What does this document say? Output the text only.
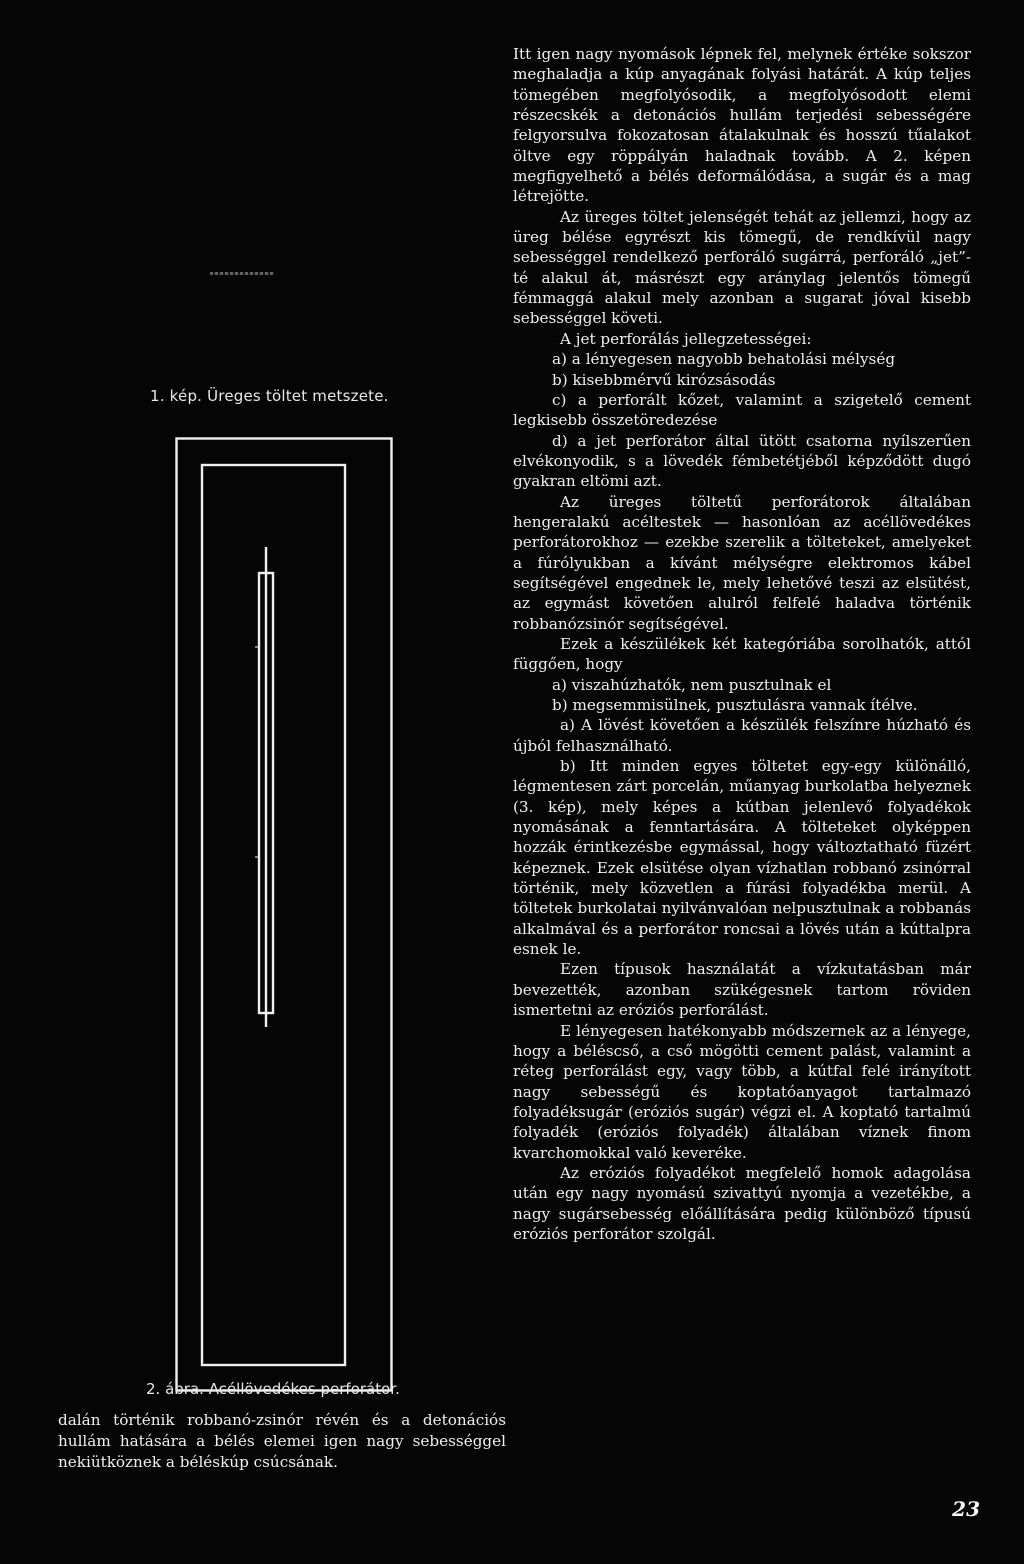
1. kép. Üreges töltet metszete.
2. ábra. Acéllövedékes perforátor.

dalán történik robbanó-zsinór révén és a detonációs hullám hatására a bélés elemei igen nagy sebességgel nekiütköznek a béléskúp csúcsának.

Itt igen nagy nyomások lépnek fel, melynek értéke sokszor meghaladja a kúp anyagának folyási határát. A kúp teljes tömegében megfolyósodik, a megfolyósodott elemi részecskék a detonációs hullám terjedési sebességére felgyorsulva fokozatosan átalakulnak és hosszú tűalakot öltve egy röppályán haladnak tovább. A 2. képen megfigyelhető a bélés deformálódása, a sugár és a mag létrejötte.

Az üreges töltet jelenségét tehát az jellemzi, hogy az üreg bélése egyrészt kis tömegű, de rendkívül nagy sebességgel rendelkező perforáló sugárrá, perforáló „jet”-té alakul át, másrészt egy aránylag jelentős tömegű fémmaggá alakul mely azonban a sugarat jóval kisebb sebességgel követi.

A jet perforálás jellegzetességei:

a) a lényegesen nagyobb behatolási mélység

b) kisebbmérvű kirózsásodás

c) a perforált kőzet, valamint a szigetelő cement legkisebb összetöredezése

d) a jet perforátor által ütött csatorna nyílszerűen elvékonyodik, s a lövedék fémbetétjéből képződött dugó gyakran eltömi azt.

Az üreges töltetű perforátorok általában hengeralakú acéltestek — hasonlóan az acéllövedékes perforátorokhoz — ezekbe szerelik a tölteteket, amelyeket a fúrólyukban a kívánt mélységre elektromos kábel segítségével engednek le, mely lehetővé teszi az elsütést, az egymást követően alulról felfelé haladva történik robbanózsinór segítségével.

Ezek a készülékek két kategóriába sorolhatók, attól függően, hogy

a) viszahúzhatók, nem pusztulnak el

b) megsemmisülnek, pusztulásra vannak ítélve.

a) A lövést követően a készülék felszínre húzható és újból felhasználható.

b) Itt minden egyes töltetet egy-egy különálló, légmentesen zárt porcelán, műanyag burkolatba helyeznek (3. kép), mely képes a kútban jelenlevő folyadékok nyomásának a fenntartására. A tölteteket olyképpen hozzák érintkezésbe egymással, hogy változtatható füzért képeznek. Ezek elsütése olyan vízhatlan robbanó zsinórral történik, mely közvetlen a fúrási folyadékba merül. A töltetek burkolatai nyilvánvalóan nelpusztulnak a robbanás alkalmával és a perforátor roncsai a lövés után a kúttalpra esnek le.

Ezen típusok használatát a vízkutatásban már bevezették, azonban szükégesnek tartom röviden ismertetni az eróziós perforálást.

E lényegesen hatékonyabb módszernek az a lényege, hogy a béléscső, a cső mögötti cement palást, valamint a réteg perforálást egy, vagy több, a kútfal felé irányított nagy sebességű és koptatóanyagot tartalmazó folyadéksugár (eróziós sugár) végzi el. A koptató tartalmú folyadék (eróziós folyadék) általában víznek finom kvarchomokkal való keveréke.

Az eróziós folyadékot megfelelő homok adagolása után egy nagy nyomású szivattyú nyomja a vezetékbe, a nagy sugársebesség előállítására pedig különböző típusú eróziós perforátor szolgál.

23
